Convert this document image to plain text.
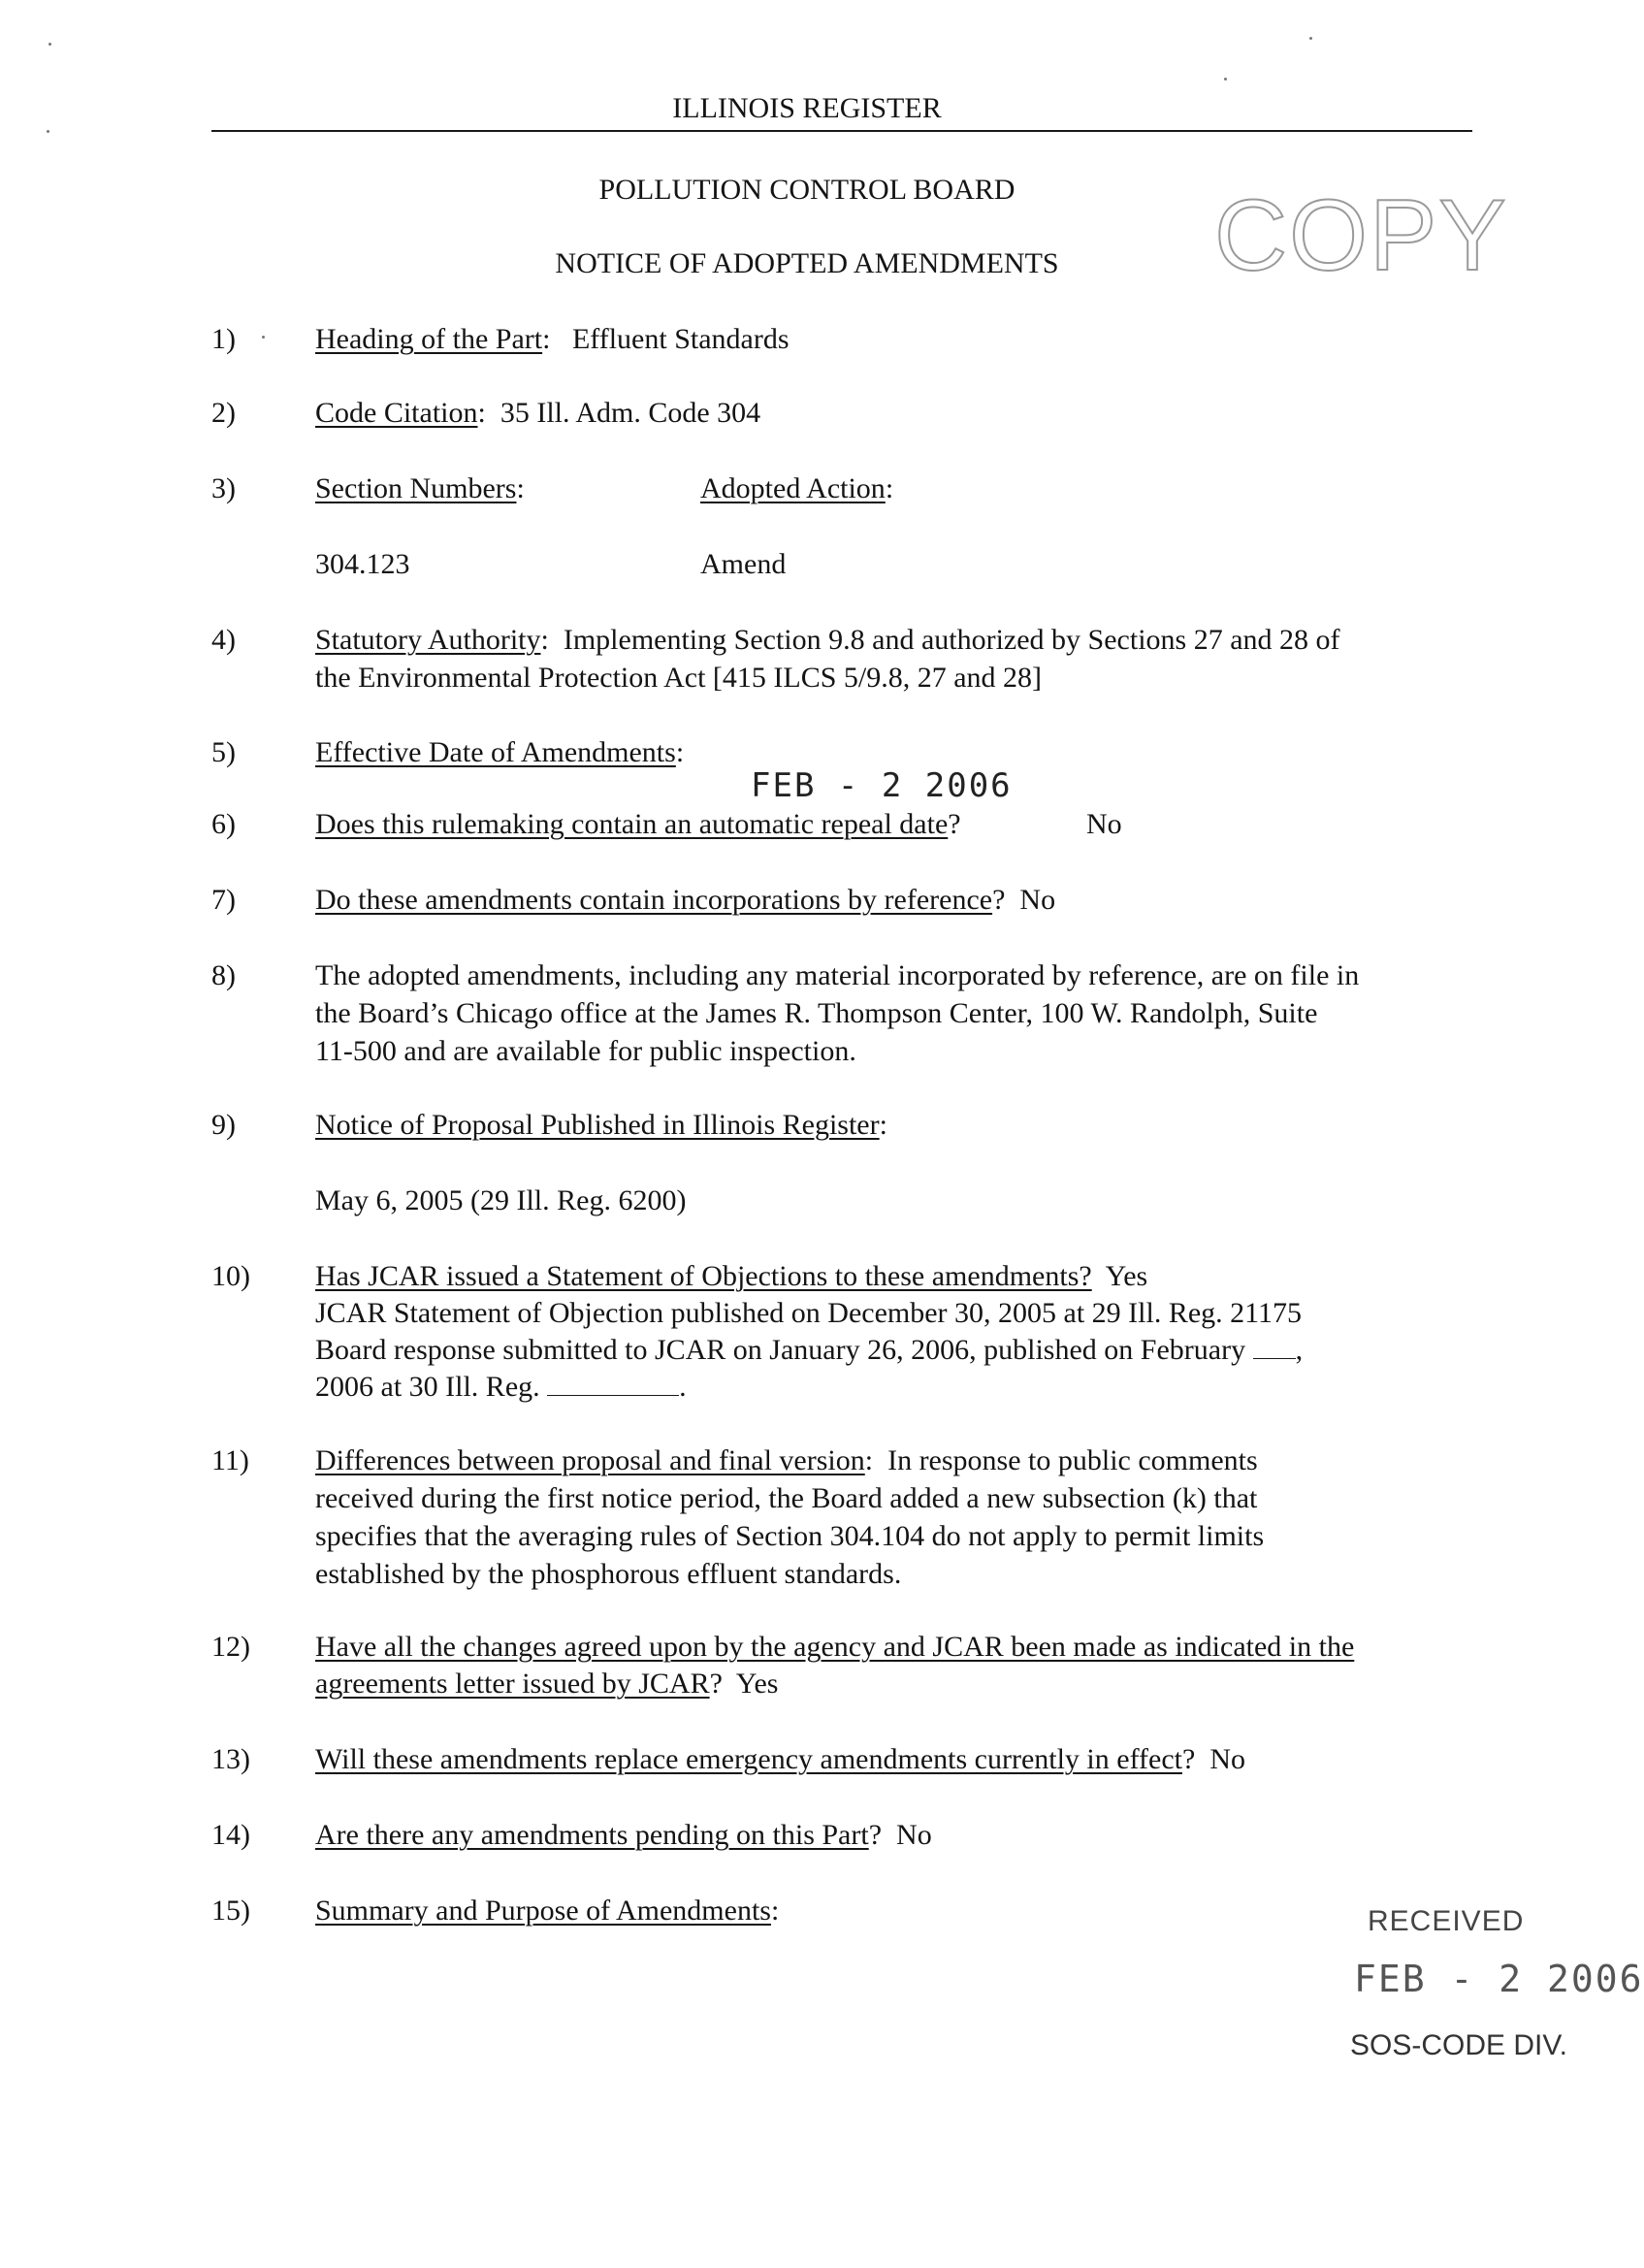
ILLINOIS REGISTER
POLLUTION CONTROL BOARD
NOTICE OF ADOPTED AMENDMENTS	COPY
1)	Heading of the Part:   Effluent Standards
2)	Code Citation:  35 Ill. Adm. Code 304
3)	Section Numbers:	Adopted Action:
304.123	Amend
4)	Statutory Authority:  Implementing Section 9.8 and authorized by Sections 27 and 28 of
the Environmental Protection Act [415 ILCS 5/9.8, 27 and 28]
5)	Effective Date of Amendments:
FEB - 2 2006
6)	Does this rulemaking contain an automatic repeal date?	No
7)	Do these amendments contain incorporations by reference?  No
8)	The adopted amendments, including any material incorporated by reference, are on file in
the Board’s Chicago office at the James R. Thompson Center, 100 W. Randolph, Suite
11-500 and are available for public inspection.
9)	Notice of Proposal Published in Illinois Register:
May 6, 2005 (29 Ill. Reg. 6200)
10) Has JCAR issued a Statement of Objections to these amendments? Yes
JCAR Statement of Objection published on December 30, 2005 at 29 Ill. Reg. 21175
Board response submitted to JCAR on January 26, 2006, published on February ,
2006 at 30 Ill. Reg.	.
11) Differences between proposal and final version:  In response to public comments
received during the first notice period, the Board added a new subsection (k) that
specifies that the averaging rules of Section 304.104 do not apply to permit limits
established by the phosphorous effluent standards.
12) Have all the changes agreed upon by the agency and JCAR been made as indicated in the
agreements letter issued by JCAR?  Yes
13) Will these amendments replace emergency amendments currently in effect?  No
14) Are there any amendments pending on this Part?  No
15) Summary and Purpose of Amendments:	RECEIVED
FEB - 2 2006
SOS-CODE DIV.
